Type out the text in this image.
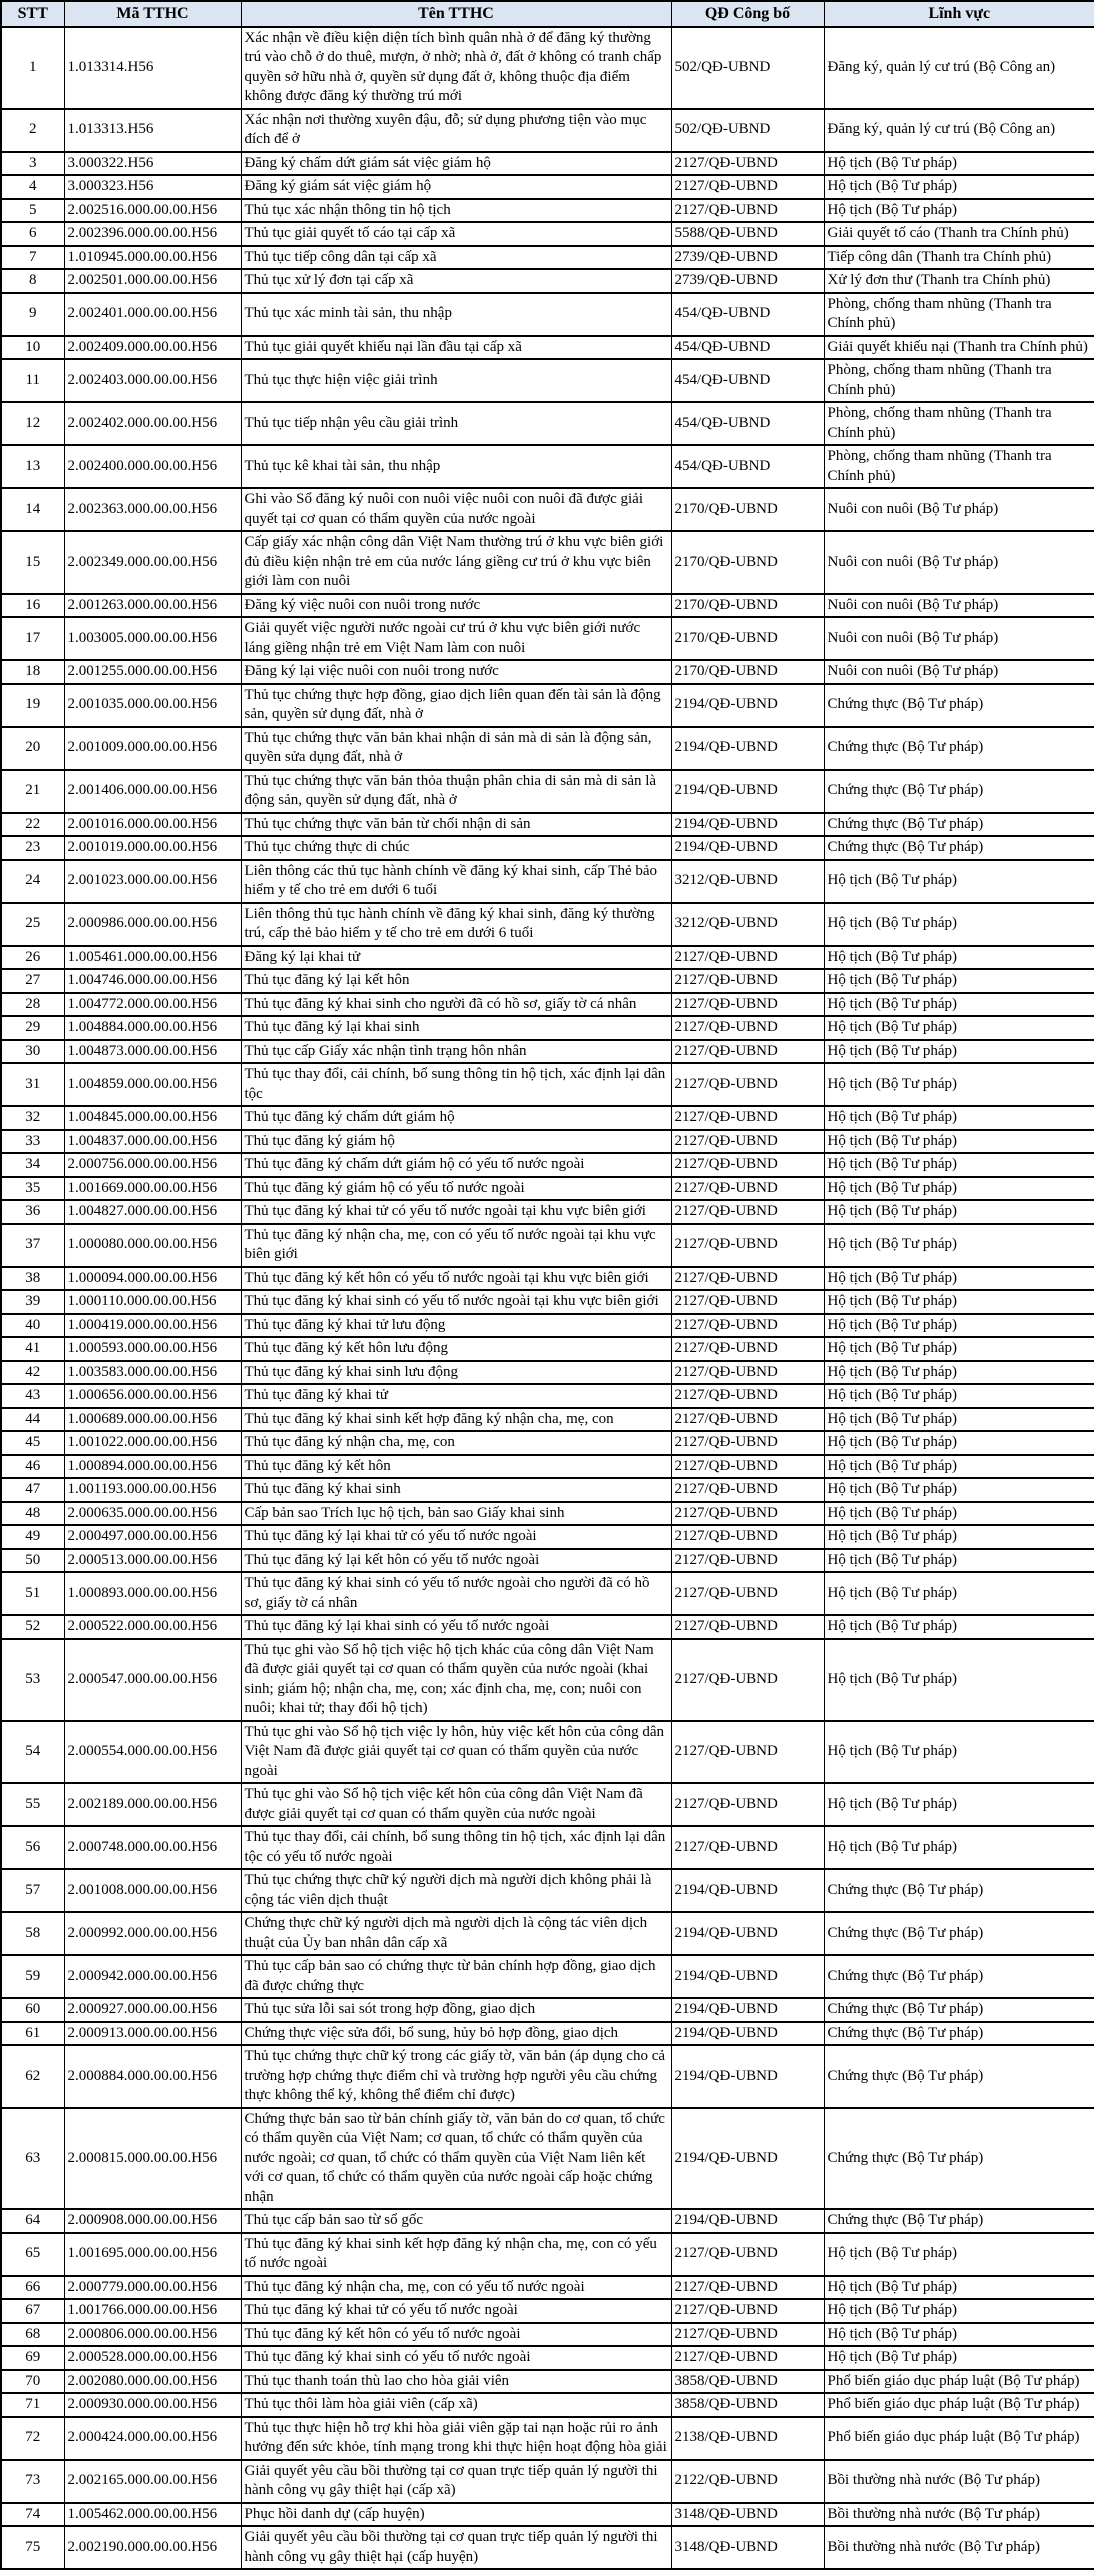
STT	Mã TTHC	Tên TTHC	QĐ Công bố	Lĩnh vực
1	1.013314.H56	Xác nhận về điều kiện diện tích bình quân nhà ở để đăng ký thường trú vào chỗ ở do thuê, mượn, ở nhờ; nhà ở, đất ở không có tranh chấp quyền sở hữu nhà ở, quyền sử dụng đất ở, không thuộc địa điểm không được đăng ký thường trú mới	502/QĐ-UBND	Đăng ký, quản lý cư trú (Bộ Công an)
2	1.013313.H56	Xác nhận nơi thường xuyên đậu, đỗ; sử dụng phương tiện vào mục đích để ở	502/QĐ-UBND	Đăng ký, quản lý cư trú (Bộ Công an)
3	3.000322.H56	Đăng ký chấm dứt giám sát việc giám hộ	2127/QĐ-UBND	Hộ tịch (Bộ Tư pháp)
4	3.000323.H56	Đăng ký giám sát việc giám hộ	2127/QĐ-UBND	Hộ tịch (Bộ Tư pháp)
5	2.002516.000.00.00.H56	Thủ tục xác nhận thông tin hộ tịch	2127/QĐ-UBND	Hộ tịch (Bộ Tư pháp)
6	2.002396.000.00.00.H56	Thủ tục giải quyết tố cáo tại cấp xã	5588/QĐ-UBND	Giải quyết tố cáo (Thanh tra Chính phủ)
7	1.010945.000.00.00.H56	Thủ tục tiếp công dân tại cấp xã	2739/QĐ-UBND	Tiếp công dân (Thanh tra Chính phủ)
8	2.002501.000.00.00.H56	Thủ tục xử lý đơn tại cấp xã	2739/QĐ-UBND	Xử lý đơn thư (Thanh tra Chính phủ)
9	2.002401.000.00.00.H56	Thủ tục xác minh tài sản, thu nhập	454/QĐ-UBND	Phòng, chống tham nhũng (Thanh tra Chính phủ)
10	2.002409.000.00.00.H56	Thủ tục giải quyết khiếu nại lần đầu tại cấp xã	454/QĐ-UBND	Giải quyết khiếu nại (Thanh tra Chính phủ)
11	2.002403.000.00.00.H56	Thủ tục thực hiện việc giải trình	454/QĐ-UBND	Phòng, chống tham nhũng (Thanh tra Chính phủ)
12	2.002402.000.00.00.H56	Thủ tục tiếp nhận yêu cầu giải trình	454/QĐ-UBND	Phòng, chống tham nhũng (Thanh tra Chính phủ)
13	2.002400.000.00.00.H56	Thủ tục kê khai tài sản, thu nhập	454/QĐ-UBND	Phòng, chống tham nhũng (Thanh tra Chính phủ)
14	2.002363.000.00.00.H56	Ghi vào Sổ đăng ký nuôi con nuôi việc nuôi con nuôi đã được giải quyết tại cơ quan có thẩm quyền của nước ngoài	2170/QĐ-UBND	Nuôi con nuôi (Bộ Tư pháp)
15	2.002349.000.00.00.H56	Cấp giấy xác nhận công dân Việt Nam thường trú ở khu vực biên giới đủ điều kiện nhận trẻ em của nước láng giềng cư trú ở khu vực biên giới làm con nuôi	2170/QĐ-UBND	Nuôi con nuôi (Bộ Tư pháp)
16	2.001263.000.00.00.H56	Đăng ký việc nuôi con nuôi trong nước	2170/QĐ-UBND	Nuôi con nuôi (Bộ Tư pháp)
17	1.003005.000.00.00.H56	Giải quyết việc người nước ngoài cư trú ở khu vực biên giới nước láng giềng nhận trẻ em Việt Nam làm con nuôi	2170/QĐ-UBND	Nuôi con nuôi (Bộ Tư pháp)
18	2.001255.000.00.00.H56	Đăng ký lại việc nuôi con nuôi trong nước	2170/QĐ-UBND	Nuôi con nuôi (Bộ Tư pháp)
19	2.001035.000.00.00.H56	Thủ tục chứng thực hợp đồng, giao dịch liên quan đến tài sản là động sản, quyền sử dụng đất, nhà ở	2194/QĐ-UBND	Chứng thực (Bộ Tư pháp)
20	2.001009.000.00.00.H56	Thủ tục chứng thực văn bản khai nhận di sản mà di sản là động sản, quyền sửa dụng đất, nhà ở	2194/QĐ-UBND	Chứng thực (Bộ Tư pháp)
21	2.001406.000.00.00.H56	Thủ tục chứng thực văn bản thỏa thuận phân chia di sản mà di sản là động sản, quyền sử dụng đất, nhà ở	2194/QĐ-UBND	Chứng thực (Bộ Tư pháp)
22	2.001016.000.00.00.H56	Thủ tục chứng thực văn bản từ chối nhận di sản	2194/QĐ-UBND	Chứng thực (Bộ Tư pháp)
23	2.001019.000.00.00.H56	Thủ tục chứng thực di chúc	2194/QĐ-UBND	Chứng thực (Bộ Tư pháp)
24	2.001023.000.00.00.H56	Liên thông các thủ tục hành chính về đăng ký khai sinh, cấp Thẻ bảo hiểm y tế cho trẻ em dưới 6 tuổi	3212/QĐ-UBND	Hộ tịch (Bộ Tư pháp)
25	2.000986.000.00.00.H56	Liên thông thủ tục hành chính về đăng ký khai sinh, đăng ký thường trú, cấp thẻ bảo hiểm y tế cho trẻ em dưới 6 tuổi	3212/QĐ-UBND	Hộ tịch (Bộ Tư pháp)
26	1.005461.000.00.00.H56	Đăng ký lại khai tử	2127/QĐ-UBND	Hộ tịch (Bộ Tư pháp)
27	1.004746.000.00.00.H56	Thủ tục đăng ký lại kết hôn	2127/QĐ-UBND	Hộ tịch (Bộ Tư pháp)
28	1.004772.000.00.00.H56	Thủ tục đăng ký khai sinh cho người đã có hồ sơ, giấy tờ cá nhân	2127/QĐ-UBND	Hộ tịch (Bộ Tư pháp)
29	1.004884.000.00.00.H56	Thủ tục đăng ký lại khai sinh	2127/QĐ-UBND	Hộ tịch (Bộ Tư pháp)
30	1.004873.000.00.00.H56	Thủ tục cấp Giấy xác nhận tình trạng hôn nhân	2127/QĐ-UBND	Hộ tịch (Bộ Tư pháp)
31	1.004859.000.00.00.H56	Thủ tục thay đổi, cải chính, bổ sung thông tin hộ tịch, xác định lại dân tộc	2127/QĐ-UBND	Hộ tịch (Bộ Tư pháp)
32	1.004845.000.00.00.H56	Thủ tục đăng ký chấm dứt giám hộ	2127/QĐ-UBND	Hộ tịch (Bộ Tư pháp)
33	1.004837.000.00.00.H56	Thủ tục đăng ký giám hộ	2127/QĐ-UBND	Hộ tịch (Bộ Tư pháp)
34	2.000756.000.00.00.H56	Thủ tục đăng ký chấm dứt giám hộ có yếu tố nước ngoài	2127/QĐ-UBND	Hộ tịch (Bộ Tư pháp)
35	1.001669.000.00.00.H56	Thủ tục đăng ký giám hộ có yếu tố nước ngoài	2127/QĐ-UBND	Hộ tịch (Bộ Tư pháp)
36	1.004827.000.00.00.H56	Thủ tục đăng ký khai tử có yếu tố nước ngoài tại khu vực biên giới	2127/QĐ-UBND	Hộ tịch (Bộ Tư pháp)
37	1.000080.000.00.00.H56	Thủ tục đăng ký nhận cha, mẹ, con có yếu tố nước ngoài tại khu vực biên giới	2127/QĐ-UBND	Hộ tịch (Bộ Tư pháp)
38	1.000094.000.00.00.H56	Thủ tục đăng ký kết hôn có yếu tố nước ngoài tại khu vực biên giới	2127/QĐ-UBND	Hộ tịch (Bộ Tư pháp)
39	1.000110.000.00.00.H56	Thủ tục đăng ký khai sinh có yếu tố nước ngoài tại khu vực biên giới	2127/QĐ-UBND	Hộ tịch (Bộ Tư pháp)
40	1.000419.000.00.00.H56	Thủ tục đăng ký khai tử lưu động	2127/QĐ-UBND	Hộ tịch (Bộ Tư pháp)
41	1.000593.000.00.00.H56	Thủ tục đăng ký kết hôn lưu động	2127/QĐ-UBND	Hộ tịch (Bộ Tư pháp)
42	1.003583.000.00.00.H56	Thủ tục đăng ký khai sinh lưu động	2127/QĐ-UBND	Hộ tịch (Bộ Tư pháp)
43	1.000656.000.00.00.H56	Thủ tục đăng ký khai tử	2127/QĐ-UBND	Hộ tịch (Bộ Tư pháp)
44	1.000689.000.00.00.H56	Thủ tục đăng ký khai sinh kết hợp đăng ký nhận cha, mẹ, con	2127/QĐ-UBND	Hộ tịch (Bộ Tư pháp)
45	1.001022.000.00.00.H56	Thủ tục đăng ký nhận cha, mẹ, con	2127/QĐ-UBND	Hộ tịch (Bộ Tư pháp)
46	1.000894.000.00.00.H56	Thủ tục đăng ký kết hôn	2127/QĐ-UBND	Hộ tịch (Bộ Tư pháp)
47	1.001193.000.00.00.H56	Thủ tục đăng ký khai sinh	2127/QĐ-UBND	Hộ tịch (Bộ Tư pháp)
48	2.000635.000.00.00.H56	Cấp bản sao Trích lục hộ tịch, bản sao Giấy khai sinh	2127/QĐ-UBND	Hộ tịch (Bộ Tư pháp)
49	2.000497.000.00.00.H56	Thủ tục đăng ký lại khai tử có yếu tố nước ngoài	2127/QĐ-UBND	Hộ tịch (Bộ Tư pháp)
50	2.000513.000.00.00.H56	Thủ tục đăng ký lại kết hôn có yếu tố nước ngoài	2127/QĐ-UBND	Hộ tịch (Bộ Tư pháp)
51	1.000893.000.00.00.H56	Thủ tục đăng ký khai sinh có yếu tố nước ngoài cho người đã có hồ sơ, giấy tờ cá nhân	2127/QĐ-UBND	Hộ tịch (Bộ Tư pháp)
52	2.000522.000.00.00.H56	Thủ tục đăng ký lại khai sinh có yếu tố nước ngoài	2127/QĐ-UBND	Hộ tịch (Bộ Tư pháp)
53	2.000547.000.00.00.H56	Thủ tục ghi vào Sổ hộ tịch việc hộ tịch khác của công dân Việt Nam đã được giải quyết tại cơ quan có thẩm quyền của nước ngoài (khai sinh; giám hộ; nhận cha, mẹ, con; xác định cha, mẹ, con; nuôi con nuôi; khai tử; thay đổi hộ tịch)	2127/QĐ-UBND	Hộ tịch (Bộ Tư pháp)
54	2.000554.000.00.00.H56	Thủ tục ghi vào Sổ hộ tịch việc ly hôn, hủy việc kết hôn của công dân Việt Nam đã được giải quyết tại cơ quan có thẩm quyền của nước ngoài	2127/QĐ-UBND	Hộ tịch (Bộ Tư pháp)
55	2.002189.000.00.00.H56	Thủ tục ghi vào Sổ hộ tịch việc kết hôn của công dân Việt Nam đã được giải quyết tại cơ quan có thẩm quyền của nước ngoài	2127/QĐ-UBND	Hộ tịch (Bộ Tư pháp)
56	2.000748.000.00.00.H56	Thủ tục thay đổi, cải chính, bổ sung thông tin hộ tịch, xác định lại dân tộc có yếu tố nước ngoài	2127/QĐ-UBND	Hộ tịch (Bộ Tư pháp)
57	2.001008.000.00.00.H56	Thủ tục chứng thực chữ ký người dịch mà người dịch không phải là cộng tác viên dịch thuật	2194/QĐ-UBND	Chứng thực (Bộ Tư pháp)
58	2.000992.000.00.00.H56	Chứng thực chữ ký người dịch mà người dịch là cộng tác viên dịch thuật của Ủy ban nhân dân cấp xã	2194/QĐ-UBND	Chứng thực (Bộ Tư pháp)
59	2.000942.000.00.00.H56	Thủ tục cấp bản sao có chứng thực từ bản chính hợp đồng, giao dịch đã được chứng thực	2194/QĐ-UBND	Chứng thực (Bộ Tư pháp)
60	2.000927.000.00.00.H56	Thủ tục sửa lỗi sai sót trong hợp đồng, giao dịch	2194/QĐ-UBND	Chứng thực (Bộ Tư pháp)
61	2.000913.000.00.00.H56	Chứng thực việc sửa đổi, bổ sung, hủy bỏ hợp đồng, giao dịch	2194/QĐ-UBND	Chứng thực (Bộ Tư pháp)
62	2.000884.000.00.00.H56	Thủ tục chứng thực chữ ký trong các giấy tờ, văn bản (áp dụng cho cả trường hợp chứng thực điểm chỉ và trường hợp người yêu cầu chứng thực không thể ký, không thể điểm chỉ được)	2194/QĐ-UBND	Chứng thực (Bộ Tư pháp)
63	2.000815.000.00.00.H56	Chứng thực bản sao từ bản chính giấy tờ, văn bản do cơ quan, tổ chức có thẩm quyền của Việt Nam; cơ quan, tổ chức có thẩm quyền của nước ngoài; cơ quan, tổ chức có thẩm quyền của Việt Nam liên kết với cơ quan, tổ chức có thẩm quyền của nước ngoài cấp hoặc chứng nhận	2194/QĐ-UBND	Chứng thực (Bộ Tư pháp)
64	2.000908.000.00.00.H56	Thủ tục cấp bản sao từ sổ gốc	2194/QĐ-UBND	Chứng thực (Bộ Tư pháp)
65	1.001695.000.00.00.H56	Thủ tục đăng ký khai sinh kết hợp đăng ký nhận cha, mẹ, con có yếu tố nước ngoài	2127/QĐ-UBND	Hộ tịch (Bộ Tư pháp)
66	2.000779.000.00.00.H56	Thủ tục đăng ký nhận cha, mẹ, con có yếu tố nước ngoài	2127/QĐ-UBND	Hộ tịch (Bộ Tư pháp)
67	1.001766.000.00.00.H56	Thủ tục đăng ký khai tử có yếu tố nước ngoài	2127/QĐ-UBND	Hộ tịch (Bộ Tư pháp)
68	2.000806.000.00.00.H56	Thủ tục đăng ký kết hôn có yếu tố nước ngoài	2127/QĐ-UBND	Hộ tịch (Bộ Tư pháp)
69	2.000528.000.00.00.H56	Thủ tục đăng ký khai sinh có yếu tố nước ngoài	2127/QĐ-UBND	Hộ tịch (Bộ Tư pháp)
70	2.002080.000.00.00.H56	Thủ tục thanh toán thù lao cho hòa giải viên	3858/QĐ-UBND	Phổ biến giáo dục pháp luật (Bộ Tư pháp)
71	2.000930.000.00.00.H56	Thủ tục thôi làm hòa giải viên (cấp xã)	3858/QĐ-UBND	Phổ biến giáo dục pháp luật (Bộ Tư pháp)
72	2.000424.000.00.00.H56	Thủ tục thực hiện hỗ trợ khi hòa giải viên gặp tai nạn hoặc rủi ro ảnh hưởng đến sức khỏe, tính mạng trong khi thực hiện hoạt động hòa giải	2138/QĐ-UBND	Phổ biến giáo dục pháp luật (Bộ Tư pháp)
73	2.002165.000.00.00.H56	Giải quyết yêu cầu bồi thường tại cơ quan trực tiếp quản lý người thi hành công vụ gây thiệt hại (cấp xã)	2122/QĐ-UBND	Bồi thường nhà nước (Bộ Tư pháp)
74	1.005462.000.00.00.H56	Phục hồi danh dự (cấp huyện)	3148/QĐ-UBND	Bồi thường nhà nước (Bộ Tư pháp)
75	2.002190.000.00.00.H56	Giải quyết yêu cầu bồi thường tại cơ quan trực tiếp quản lý người thi hành công vụ gây thiệt hại (cấp huyện)	3148/QĐ-UBND	Bồi thường nhà nước (Bộ Tư pháp)
